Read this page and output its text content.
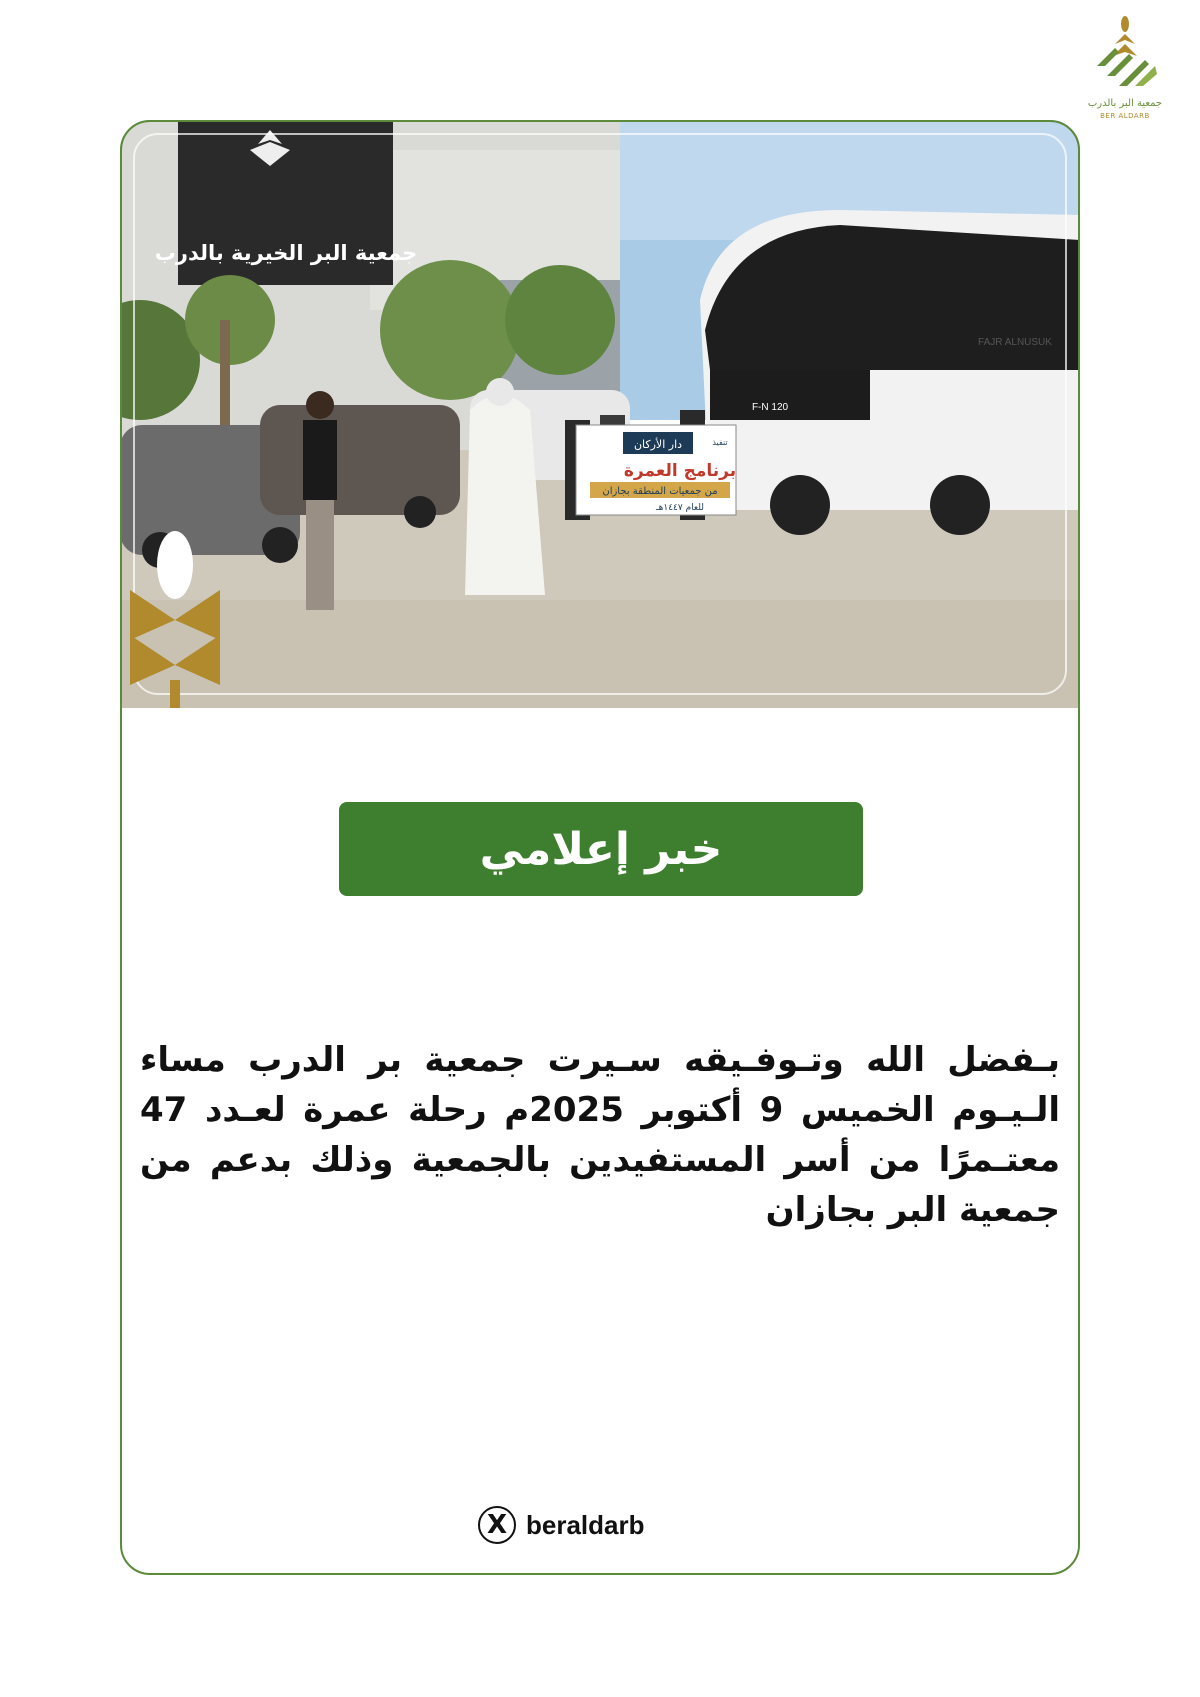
جمعية البر بالدرب
BER ALDARB
جمعية البر الخيرية بالدرب
FAJR ALNUSUK
F-N 120
دار الأركان	تنفيذ
برنامج العمرة
من جمعيات المنطقة بجازان
للعام ١٤٤٧هـ
خبر إعلامي
بـفضل الله وتـوفـيقه سـيرت جمعية بر الدرب مساء الـيـوم الخميس 9 أكتوبر 2025م رحلة عمرة لعـدد 47 معتـمرًا من أسر المستفيدين بالجمعية وذلك بدعم من جمعية البر بجازان
X beraldarb
